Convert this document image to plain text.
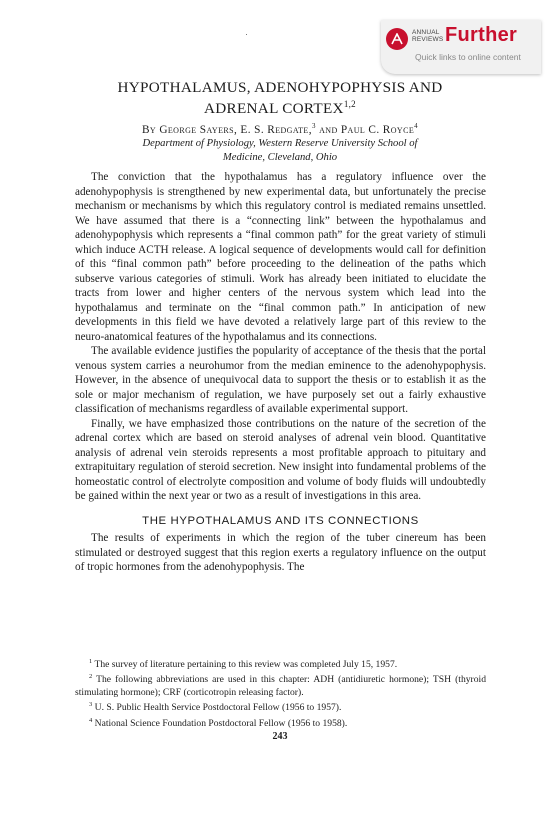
ANNUAL
REVIEWS Further
Quick links to online content
HYPOTHALAMUS, ADENOHYPOPHYSIS AND
ADRENAL CORTEX$^{1,2}$
By George Sayers, E. S. Redgate,$^3$ and Paul C. Royce$^4$
Department of Physiology, Western Reserve University School of
Medicine, Cleveland, Ohio

The conviction that the hypothalamus has a regulatory influence over the adenohypophysis is strengthened by new experimental data, but unfortunately the precise mechanism or mechanisms by which this regulatory control is mediated remains unsettled. We have assumed that there is a “connecting link” between the hypothalamus and adenohypophysis which represents a “final common path” for the great variety of stimuli which induce ACTH release. A logical sequence of developments would call for definition of this “final common path” before proceeding to the delineation of the paths which subserve various categories of stimuli. Work has already been initiated to elucidate the tracts from lower and higher centers of the nervous system which lead into the hypothalamus and terminate on the “final common path.” In anticipation of new developments in this field we have devoted a relatively large part of this review to the neuro-anatomical features of the hypothalamus and its connections.

The available evidence justifies the popularity of acceptance of the thesis that the portal venous system carries a neurohumor from the median eminence to the adenohypophysis. However, in the absence of unequivocal data to support the thesis or to establish it as the sole or major mechanism of regulation, we have purposely set out a fairly exhaustive classification of mechanisms regardless of available experimental support.

Finally, we have emphasized those contributions on the nature of the secretion of the adrenal cortex which are based on steroid analyses of adrenal vein blood. Quantitative analysis of adrenal vein steroids represents a most profitable approach to pituitary and extrapituitary regulation of steroid secretion. New insight into fundamental problems of the homeostatic control of electrolyte composition and volume of body fluids will undoubtedly be gained within the next year or two as a result of investigations in this area.

THE HYPOTHALAMUS AND ITS CONNECTIONS

The results of experiments in which the region of the tuber cinereum has been stimulated or destroyed suggest that this region exerts a regulatory influence on the output of tropic hormones from the adenohypophysis. The

$^1$ The survey of literature pertaining to this review was completed July 15, 1957.

$^2$ The following abbreviations are used in this chapter: ADH (antidiuretic hormone); TSH (thyroid stimulating hormone); CRF (corticotropin releasing factor).

$^3$ U. S. Public Health Service Postdoctoral Fellow (1956 to 1957).

$^4$ National Science Foundation Postdoctoral Fellow (1956 to 1958).

243
